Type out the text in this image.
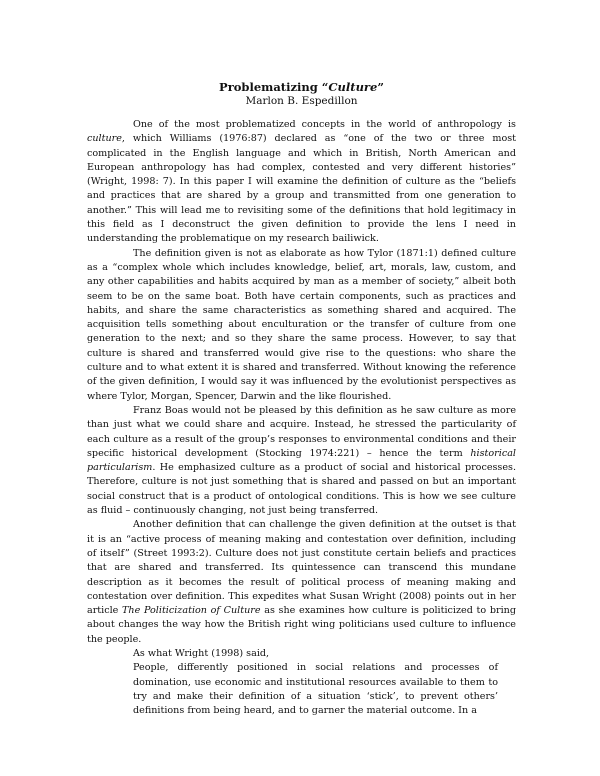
Problematizing “Culture”

Marlon B. Espedillon

One of the most problematized concepts in the world of anthropology is culture, which Williams (1976:87) declared as “one of the two or three most complicated in the English language and which in British, North American and European anthropology has had complex, contested and very different histories” (Wright, 1998: 7). In this paper I will examine the definition of culture as the “beliefs and practices that are shared by a group and transmitted from one generation to another.” This will lead me to revisiting some of the definitions that hold legitimacy in this field as I deconstruct the given definition to provide the lens I need in understanding the problematique on my research bailiwick.

The definition given is not as elaborate as how Tylor (1871:1) defined culture as a “complex whole which includes knowledge, belief, art, morals, law, custom, and any other capabilities and habits acquired by man as a member of society,” albeit both seem to be on the same boat. Both have certain components, such as practices and habits, and share the same characteristics as something shared and acquired. The acquisition tells something about enculturation or the transfer of culture from one generation to the next; and so they share the same process. However, to say that culture is shared and transferred would give rise to the questions: who share the culture and to what extent it is shared and transferred. Without knowing the reference of the given definition, I would say it was influenced by the evolutionist perspectives as where Tylor, Morgan, Spencer, Darwin and the like flourished.

Franz Boas would not be pleased by this definition as he saw culture as more than just what we could share and acquire. Instead, he stressed the particularity of each culture as a result of the group’s responses to environmental conditions and their specific historical development (Stocking 1974:221) – hence the term historical particularism. He emphasized culture as a product of social and historical processes. Therefore, culture is not just something that is shared and passed on but an important social construct that is a product of ontological conditions. This is how we see culture as fluid – continuously changing, not just being transferred.

Another definition that can challenge the given definition at the outset is that it is an “active process of meaning making and contestation over definition, including of itself” (Street 1993:2). Culture does not just constitute certain beliefs and practices that are shared and transferred. Its quintessence can transcend this mundane description as it becomes the result of political process of meaning making and contestation over definition. This expedites what Susan Wright (2008) points out in her article The Politicization of Culture as she examines how culture is politicized to bring about changes the way how the British right wing politicians used culture to influence the people.

As what Wright (1998) said,

People, differently positioned in social relations and processes of domination, use economic and institutional resources available to them to try and make their definition of a situation ‘stick’, to prevent others’ definitions from being heard, and to garner the material outcome. In a
